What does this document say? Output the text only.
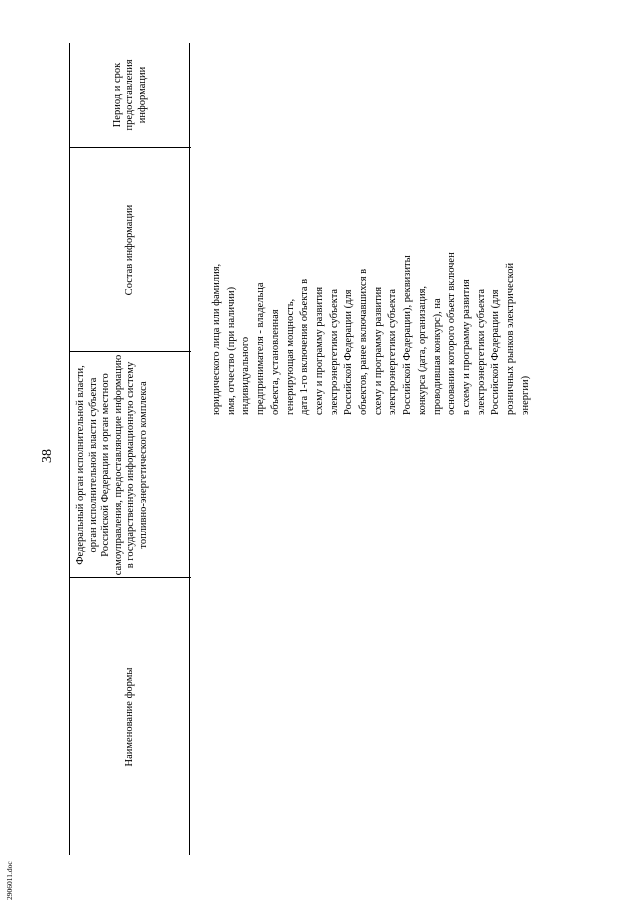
38
Наименование формы
Федеральный орган исполнительной власти, орган исполнительной власти субъекта Российской Федерации и орган местного самоуправления, предоставляющие информацию в государственную информационную систему топливно-энергетического комплекса
Состав информации
Период и срок предоставления информации
юридического лица или фамилия,
имя, отчество (при наличии)
индивидуального
предпринимателя - владельца
объекта, установленная
генерирующая мощность,
дата 1-го включения объекта в
схему и программу развития
электроэнергетики субъекта
Российской Федерации (для
объектов, ранее включавшихся в
схему и программу развития
электроэнергетики субъекта
Российской Федерации), реквизиты
конкурса (дата, организация,
проводившая конкурс), на
основании которого объект включен
в схему и программу развития
электроэнергетики субъекта
Российской Федерации (для
розничных рынков электрической
энергии)
2906011.doc
